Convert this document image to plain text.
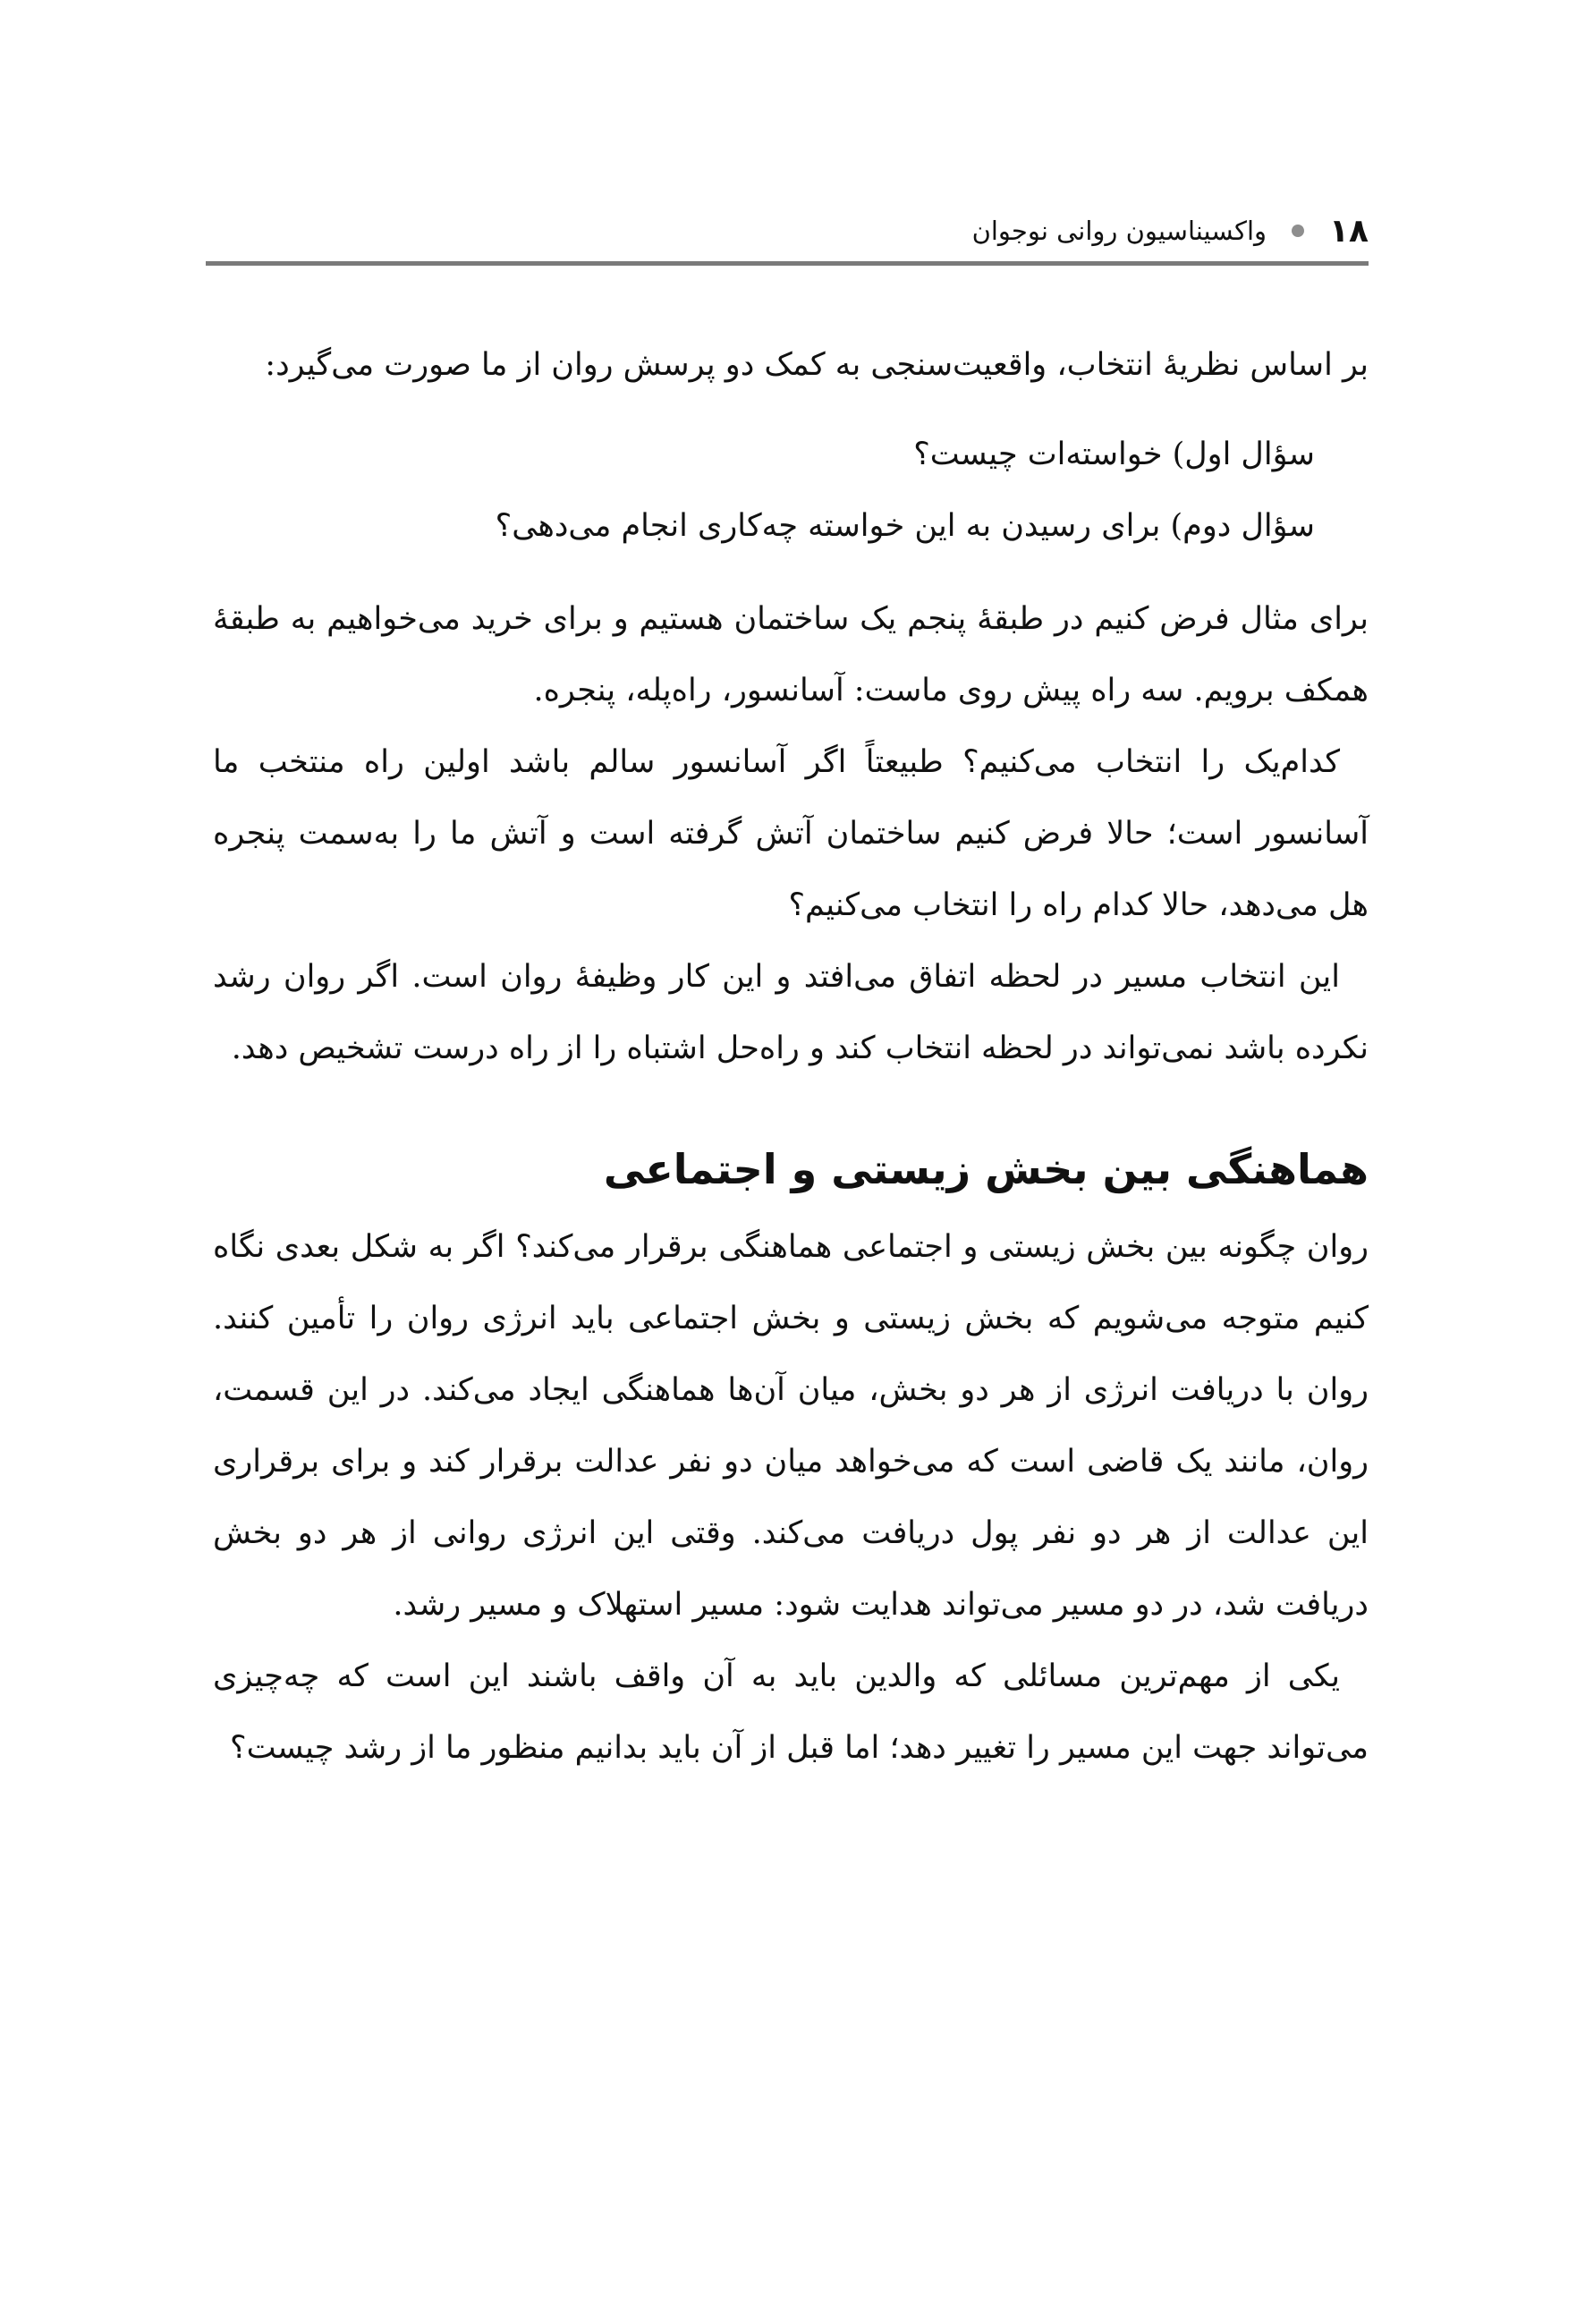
۱۸
واکسیناسیون روانی نوجوان

بر اساس نظریهٔ انتخاب، واقعیت‌سنجی به کمک دو پرسش روان از ما صورت می‌گیرد:

سؤال اول) خواسته‌ات چیست؟

سؤال دوم) برای رسیدن به این خواسته چه‌کاری انجام می‌دهی؟

برای مثال فرض کنیم در طبقهٔ پنجم یک ساختمان هستیم و برای خرید می‌خواهیم به طبقهٔ همکف برویم. سه راه پیش روی ماست: آسانسور، راه‌پله، پنجره.

کدام‌یک را انتخاب می‌کنیم؟ طبیعتاً اگر آسانسور سالم باشد اولین راه منتخب ما آسانسور است؛ حالا فرض کنیم ساختمان آتش گرفته است و آتش ما را به‌سمت پنجره هل می‌دهد، حالا کدام راه را انتخاب می‌کنیم؟

این انتخاب مسیر در لحظه اتفاق می‌افتد و این کار وظیفهٔ روان است. اگر روان رشد نکرده باشد نمی‌تواند در لحظه انتخاب کند و راه‌حل اشتباه را از راه درست تشخیص دهد.

هماهنگی بین بخش زیستی و اجتماعی

روان چگونه بین بخش زیستی و اجتماعی هماهنگی برقرار می‌کند؟ اگر به شکل بعدی نگاه کنیم متوجه می‌شویم که بخش زیستی و بخش اجتماعی باید انرژی روان را تأمین کنند. روان با دریافت انرژی از هر دو بخش، میان آن‌ها هماهنگی ایجاد می‌کند. در این قسمت، روان، مانند یک قاضی است که می‌خواهد میان دو نفر عدالت برقرار کند و برای برقراری این عدالت از هر دو نفر پول دریافت می‌کند. وقتی این انرژی روانی از هر دو بخش دریافت شد، در دو مسیر می‌تواند هدایت شود: مسیر استهلاک و مسیر رشد.

یکی از مهم‌ترین مسائلی که والدین باید به آن واقف باشند این است که چه‌چیزی می‌تواند جهت این مسیر را تغییر دهد؛ اما قبل از آن باید بدانیم منظور ما از رشد چیست؟
